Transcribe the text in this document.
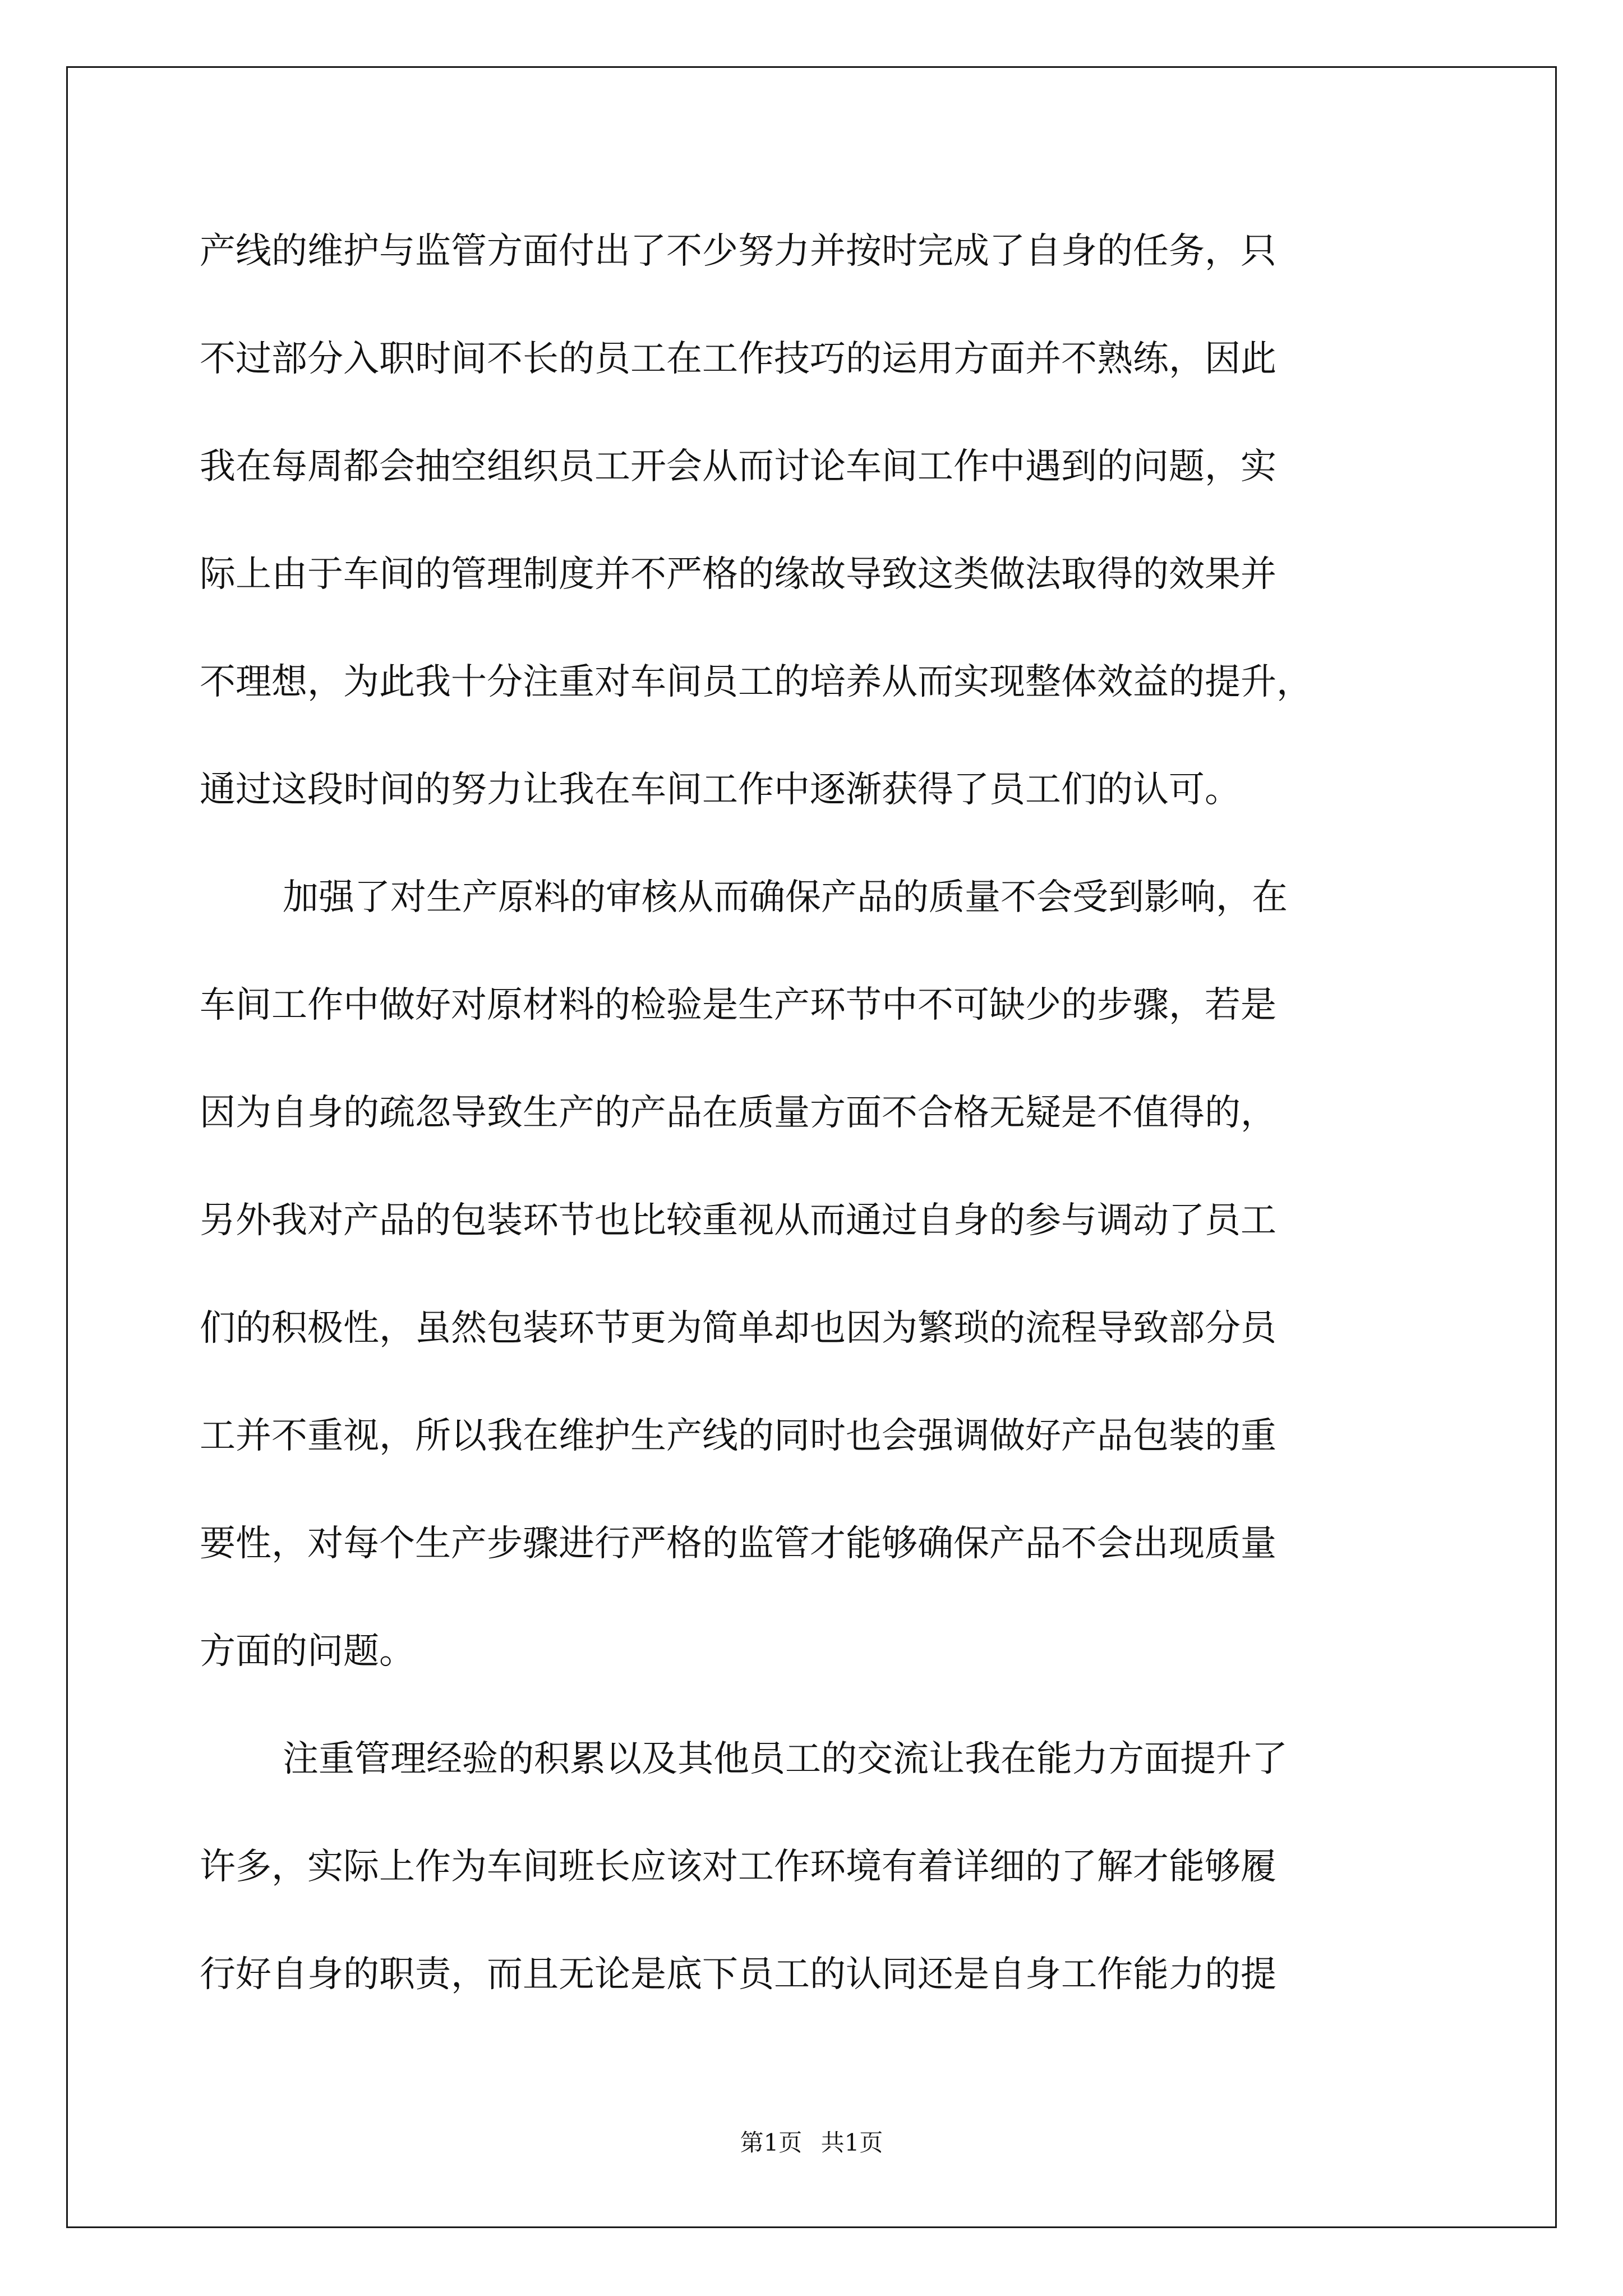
产线的维护与监管方面付出了不少努力并按时完成了自身的任务，只
不过部分入职时间不长的员工在工作技巧的运用方面并不熟练，因此
我在每周都会抽空组织员工开会从而讨论车间工作中遇到的问题，实
际上由于车间的管理制度并不严格的缘故导致这类做法取得的效果并
不理想，为此我十分注重对车间员工的培养从而实现整体效益的提升，
通过这段时间的努力让我在车间工作中逐渐获得了员工们的认可。
加强了对生产原料的审核从而确保产品的质量不会受到影响，在
车间工作中做好对原材料的检验是生产环节中不可缺少的步骤，若是
因为自身的疏忽导致生产的产品在质量方面不合格无疑是不值得的，
另外我对产品的包装环节也比较重视从而通过自身的参与调动了员工
们的积极性，虽然包装环节更为简单却也因为繁琐的流程导致部分员
工并不重视，所以我在维护生产线的同时也会强调做好产品包装的重
要性，对每个生产步骤进行严格的监管才能够确保产品不会出现质量
方面的问题。
注重管理经验的积累以及其他员工的交流让我在能力方面提升了
许多，实际上作为车间班长应该对工作环境有着详细的了解才能够履
行好自身的职责，而且无论是底下员工的认同还是自身工作能力的提
第1页 共1页
